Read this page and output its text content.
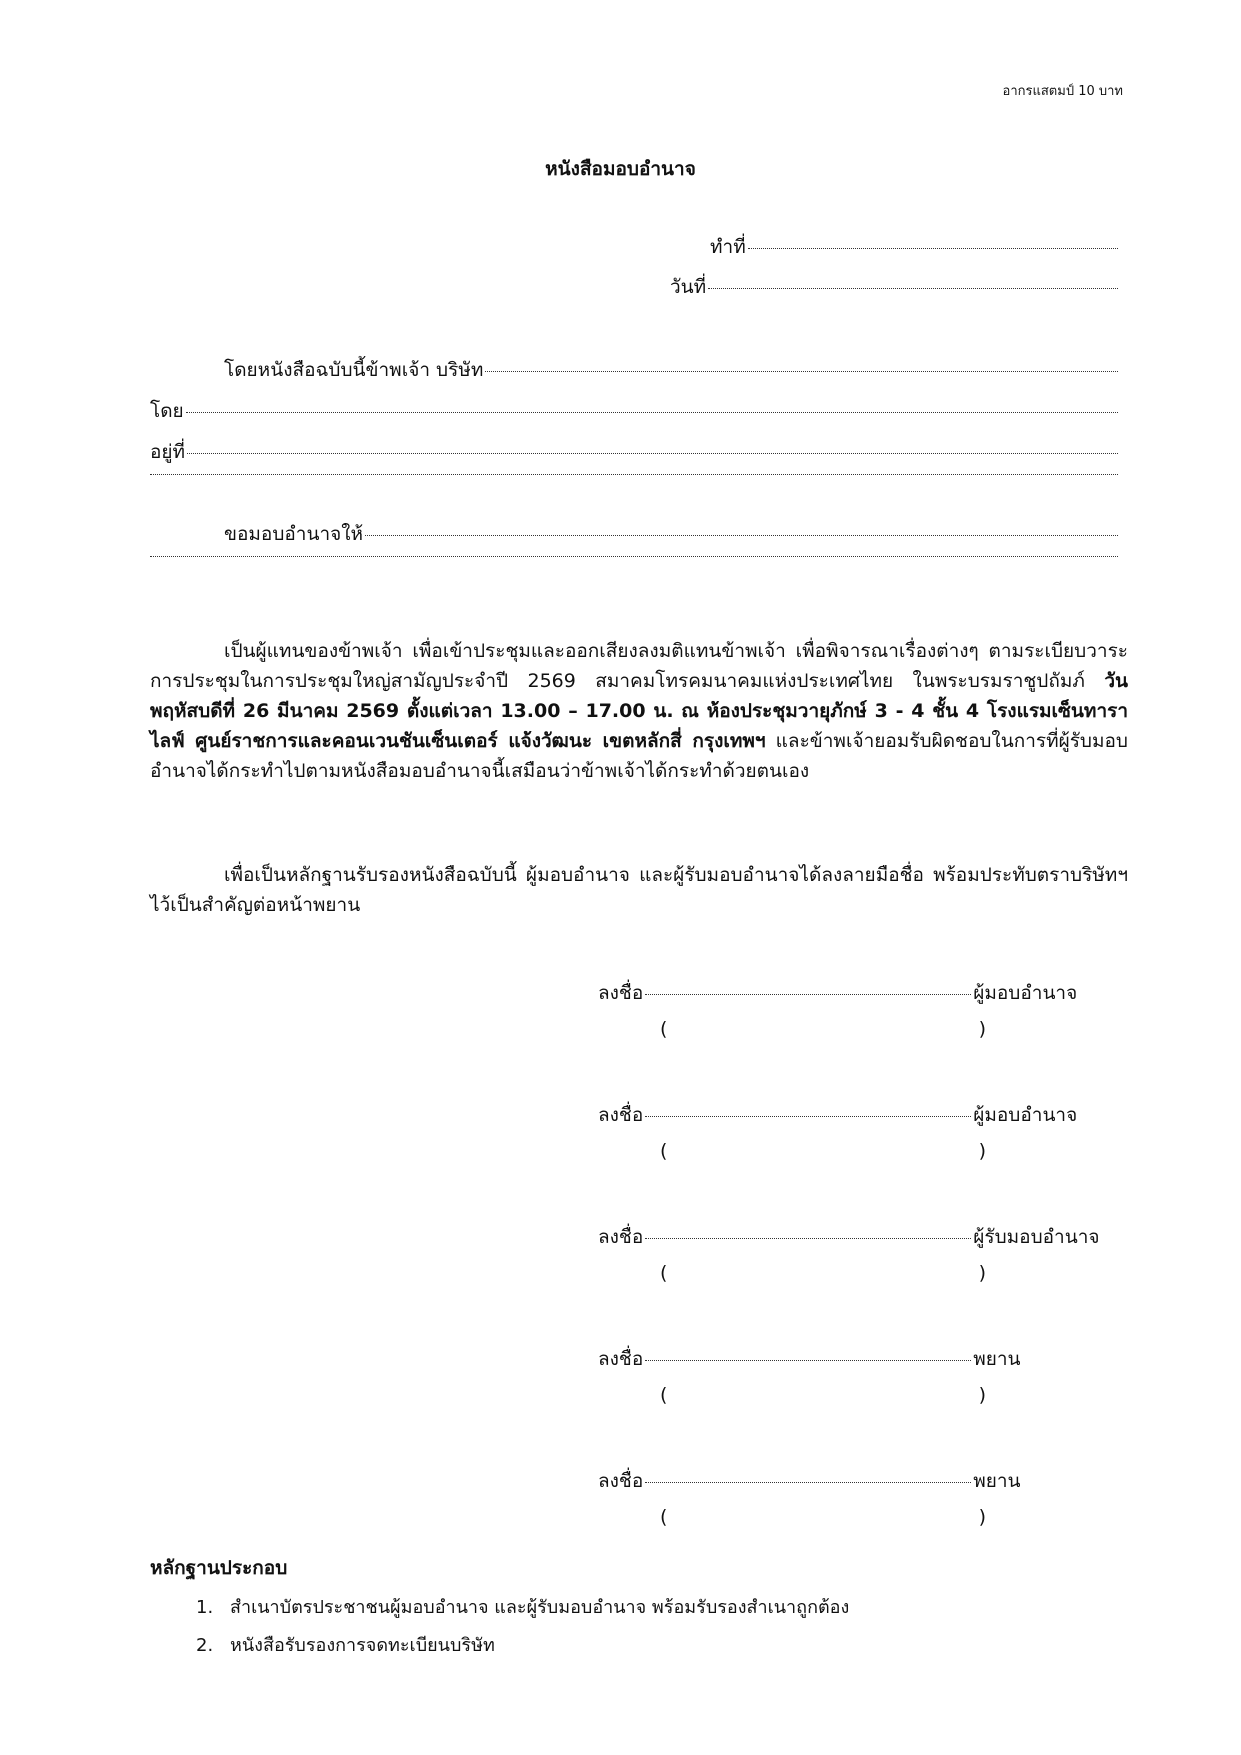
อากรแสตมป์ 10 บาท
หนังสือมอบอำนาจ
ทำที่
วันที่
โดยหนังสือฉบับนี้ข้าพเจ้า บริษัท
โดย
อยู่ที่
ขอมอบอำนาจให้
เป็นผู้แทนของข้าพเจ้า เพื่อเข้าประชุมและออกเสียงลงมติแทนข้าพเจ้า เพื่อพิจารณาเรื่องต่างๆ ตามระเบียบวาระการประชุมในการประชุมใหญ่สามัญประจำปี 2569 สมาคมโทรคมนาคมแห่งประเทศไทย ในพระบรมราชูปถัมภ์ วันพฤหัสบดีที่ 26 มีนาคม 2569 ตั้งแต่เวลา 13.00 – 17.00 น. ณ ห้องประชุมวายุภักษ์ 3 - 4 ชั้น 4 โรงแรมเซ็นทารา ไลฟ์ ศูนย์ราชการและคอนเวนชันเซ็นเตอร์ แจ้งวัฒนะ เขตหลักสี่ กรุงเทพฯ และข้าพเจ้ายอมรับผิดชอบในการที่ผู้รับมอบอำนาจได้กระทำไปตามหนังสือมอบอำนาจนี้เสมือนว่าข้าพเจ้าได้กระทำด้วยตนเอง
เพื่อเป็นหลักฐานรับรองหนังสือฉบับนี้ ผู้มอบอำนาจ และผู้รับมอบอำนาจได้ลงลายมือชื่อ พร้อมประทับตราบริษัทฯ ไว้เป็นสำคัญต่อหน้าพยาน
ลงชื่อ	ผู้มอบอำนาจ
(	)
ลงชื่อ	ผู้มอบอำนาจ
(	)
ลงชื่อ	ผู้รับมอบอำนาจ
(	)
ลงชื่อ	พยาน
(	)
ลงชื่อ	พยาน
(	)
หลักฐานประกอบ
1. สำเนาบัตรประชาชนผู้มอบอำนาจ และผู้รับมอบอำนาจ พร้อมรับรองสำเนาถูกต้อง
2. หนังสือรับรองการจดทะเบียนบริษัท
